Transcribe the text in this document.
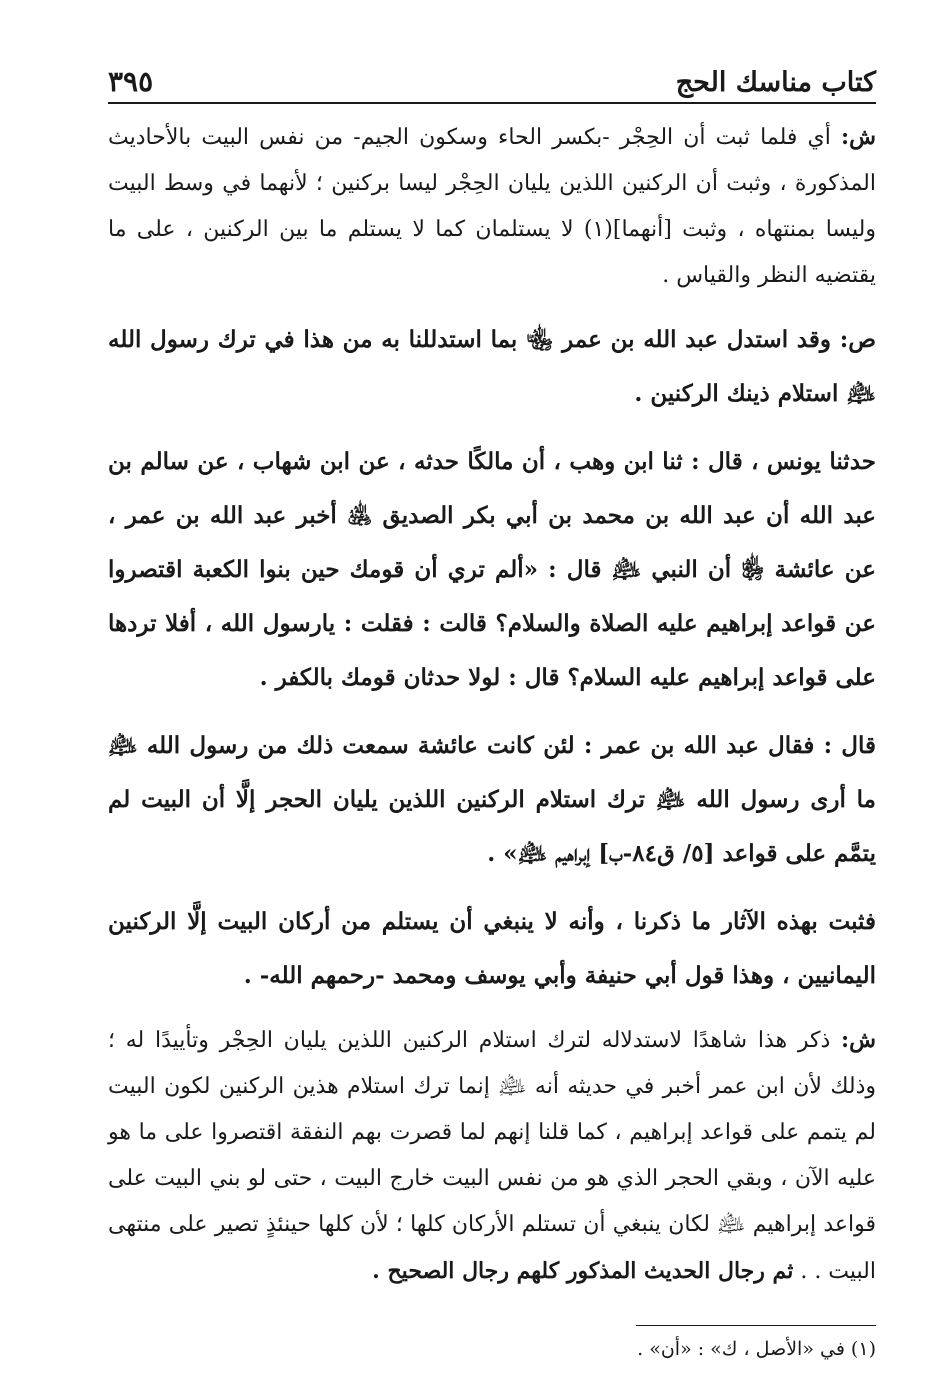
كتاب مناسك الحج
٣٩٥

ش: أي فلما ثبت أن الحِجْر -بكسر الحاء وسكون الجيم- من نفس البيت بالأحاديث المذكورة ، وثبت أن الركنين اللذين يليان الحِجْر ليسا بركنين ؛ لأنهما في وسط البيت وليسا بمنتهاه ، وثبت [أنهما](١) لا يستلمان كما لا يستلم ما بين الركنين ، على ما يقتضيه النظر والقياس .

ص: وقد استدل عبد الله بن عمر ﵄ بما استدللنا به من هذا في ترك رسول الله ﵇ استلام ذينك الركنين .

حدثنا يونس ، قال : ثنا ابن وهب ، أن مالكًا حدثه ، عن ابن شهاب ، عن سالم بن عبد الله أن عبد الله بن محمد بن أبي بكر الصديق ﵁ أخبر عبد الله بن عمر ، عن عائشة ﵂ أن النبي ﵇ قال : «ألم تري أن قومك حين بنوا الكعبة اقتصروا عن قواعد إبراهيم عليه الصلاة والسلام؟ قالت : فقلت : يارسول الله ، أفلا تردها على قواعد إبراهيم عليه السلام؟ قال : لولا حدثان قومك بالكفر .

قال : فقال عبد الله بن عمر : لئن كانت عائشة سمعت ذلك من رسول الله ﵇ ما أرى رسول الله ﵇ ترك استلام الركنين اللذين يليان الحجر إلَّا أن البيت لم يتمَّم على قواعد [٥/ ق٨٤-ب] إبراهيم ﵇» .

فثبت بهذه الآثار ما ذكرنا ، وأنه لا ينبغي أن يستلم من أركان البيت إلَّا الركنين اليمانيين ، وهذا قول أبي حنيفة وأبي يوسف ومحمد -رحمهم الله- .

ش: ذكر هذا شاهدًا لاستدلاله لترك استلام الركنين اللذين يليان الحِجْر وتأييدًا له ؛ وذلك لأن ابن عمر أخبر في حديثه أنه ﵇ إنما ترك استلام هذين الركنين لكون البيت لم يتمم على قواعد إبراهيم ، كما قلنا إنهم لما قصرت بهم النفقة اقتصروا على ما هو عليه الآن ، وبقي الحجر الذي هو من نفس البيت خارج البيت ، حتى لو بني البيت على قواعد إبراهيم ﵇ لكان ينبغي أن تستلم الأركان كلها ؛ لأن كلها حينئذٍ تصير على منتهى البيت . . ثم رجال الحديث المذكور كلهم رجال الصحيح .

(١) في «الأصل ، ك» : «أن» .
